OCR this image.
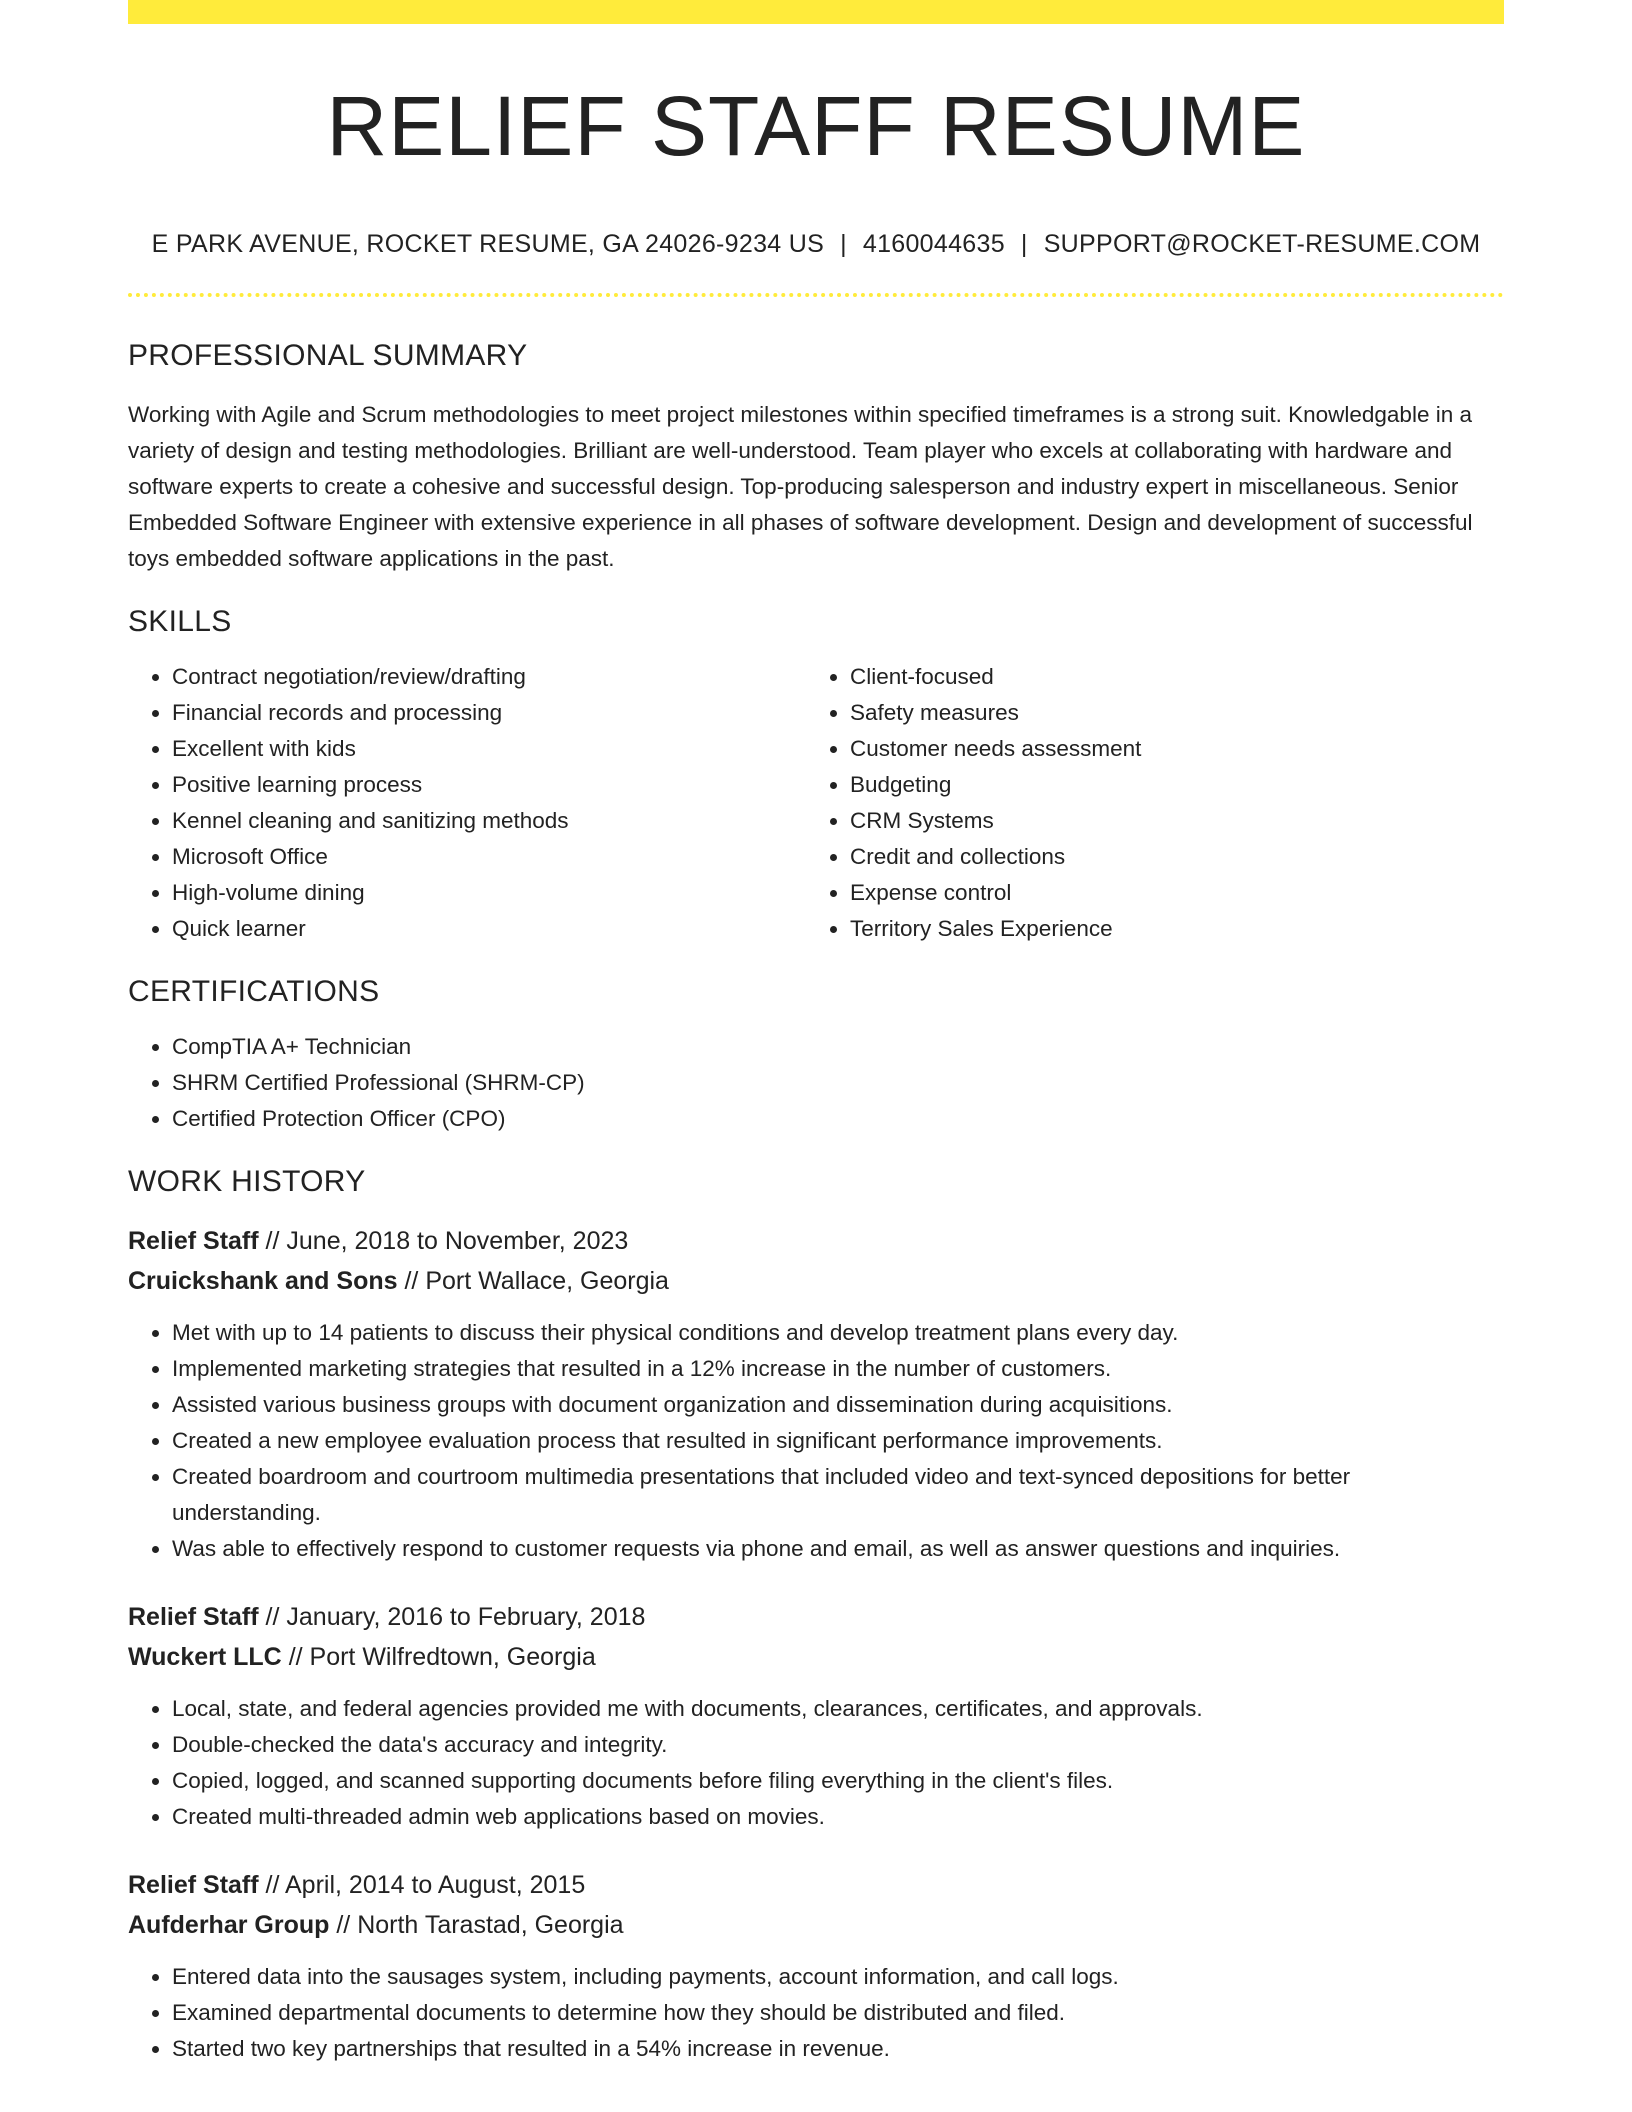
RELIEF STAFF RESUME
E PARK AVENUE, ROCKET RESUME, GA 24026-9234 US | 4160044635 | SUPPORT@ROCKET-RESUME.COM
PROFESSIONAL SUMMARY

Working with Agile and Scrum methodologies to meet project milestones within specified timeframes is a strong suit. Knowledgable in a variety of design and testing methodologies. Brilliant are well-understood. Team player who excels at collaborating with hardware and software experts to create a cohesive and successful design. Top-producing salesperson and industry expert in miscellaneous. Senior Embedded Software Engineer with extensive experience in all phases of software development. Design and development of successful toys embedded software applications in the past.

SKILLS
• Contract negotiation/review/drafting
• Financial records and processing
• Excellent with kids
• Positive learning process
• Kennel cleaning and sanitizing methods
• Microsoft Office
• High-volume dining
• Quick learner
• Client-focused
• Safety measures
• Customer needs assessment
• Budgeting
• CRM Systems
• Credit and collections
• Expense control
• Territory Sales Experience
CERTIFICATIONS
• CompTIA A+ Technician
• SHRM Certified Professional (SHRM-CP)
• Certified Protection Officer (CPO)
WORK HISTORY
Relief Staff // June, 2018 to November, 2023
Cruickshank and Sons // Port Wallace, Georgia
• Met with up to 14 patients to discuss their physical conditions and develop treatment plans every day.
• Implemented marketing strategies that resulted in a 12% increase in the number of customers.
• Assisted various business groups with document organization and dissemination during acquisitions.
• Created a new employee evaluation process that resulted in significant performance improvements.
• Created boardroom and courtroom multimedia presentations that included video and text-synced depositions for better understanding.
• Was able to effectively respond to customer requests via phone and email, as well as answer questions and inquiries.
Relief Staff // January, 2016 to February, 2018
Wuckert LLC // Port Wilfredtown, Georgia
• Local, state, and federal agencies provided me with documents, clearances, certificates, and approvals.
• Double-checked the data's accuracy and integrity.
• Copied, logged, and scanned supporting documents before filing everything in the client's files.
• Created multi-threaded admin web applications based on movies.
Relief Staff // April, 2014 to August, 2015
Aufderhar Group // North Tarastad, Georgia
• Entered data into the sausages system, including payments, account information, and call logs.
• Examined departmental documents to determine how they should be distributed and filed.
• Started two key partnerships that resulted in a 54% increase in revenue.
